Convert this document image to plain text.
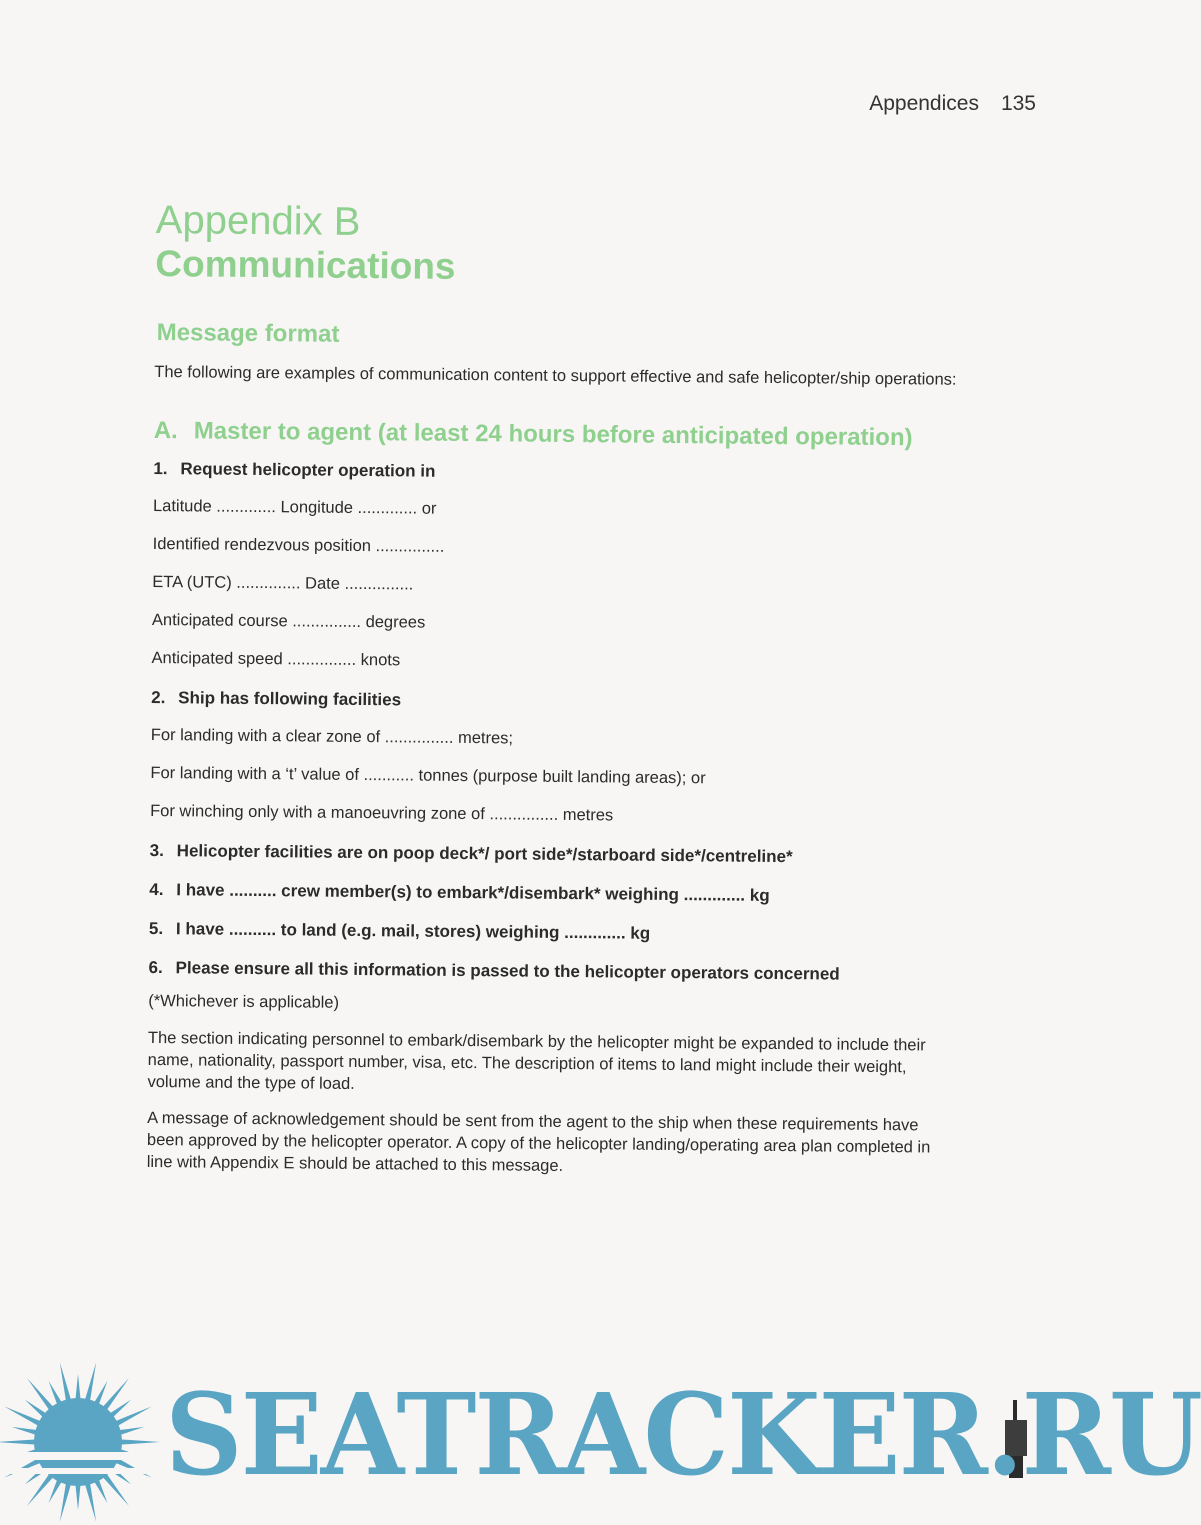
Appendices 135
Appendix B
Communications
Message format

The following are examples of communication content to support effective and safe helicopter/ship operations:

A. Master to agent (at least 24 hours before anticipated operation)

1. Request helicopter operation in

Latitude ............. Longitude ............. or

Identified rendezvous position ...............

ETA (UTC) .............. Date ...............

Anticipated course ............... degrees

Anticipated speed ............... knots

2. Ship has following facilities

For landing with a clear zone of ............... metres;

For landing with a ‘t’ value of ........... tonnes (purpose built landing areas); or

For winching only with a manoeuvring zone of ............... metres

3. Helicopter facilities are on poop deck*/ port side*/starboard side*/centreline*

4. I have .......... crew member(s) to embark*/disembark* weighing ............. kg

5. I have .......... to land (e.g. mail, stores) weighing ............. kg

6. Please ensure all this information is passed to the helicopter operators concerned

(*Whichever is applicable)

The section indicating personnel to embark/disembark by the helicopter might be expanded to include their name, nationality, passport number, visa, etc. The description of items to land might include their weight, volume and the type of load.

A message of acknowledgement should be sent from the agent to the ship when these requirements have been approved by the helicopter operator. A copy of the helicopter landing/operating area plan completed in line with Appendix E should be attached to this message.

SEATRACKER.RU
